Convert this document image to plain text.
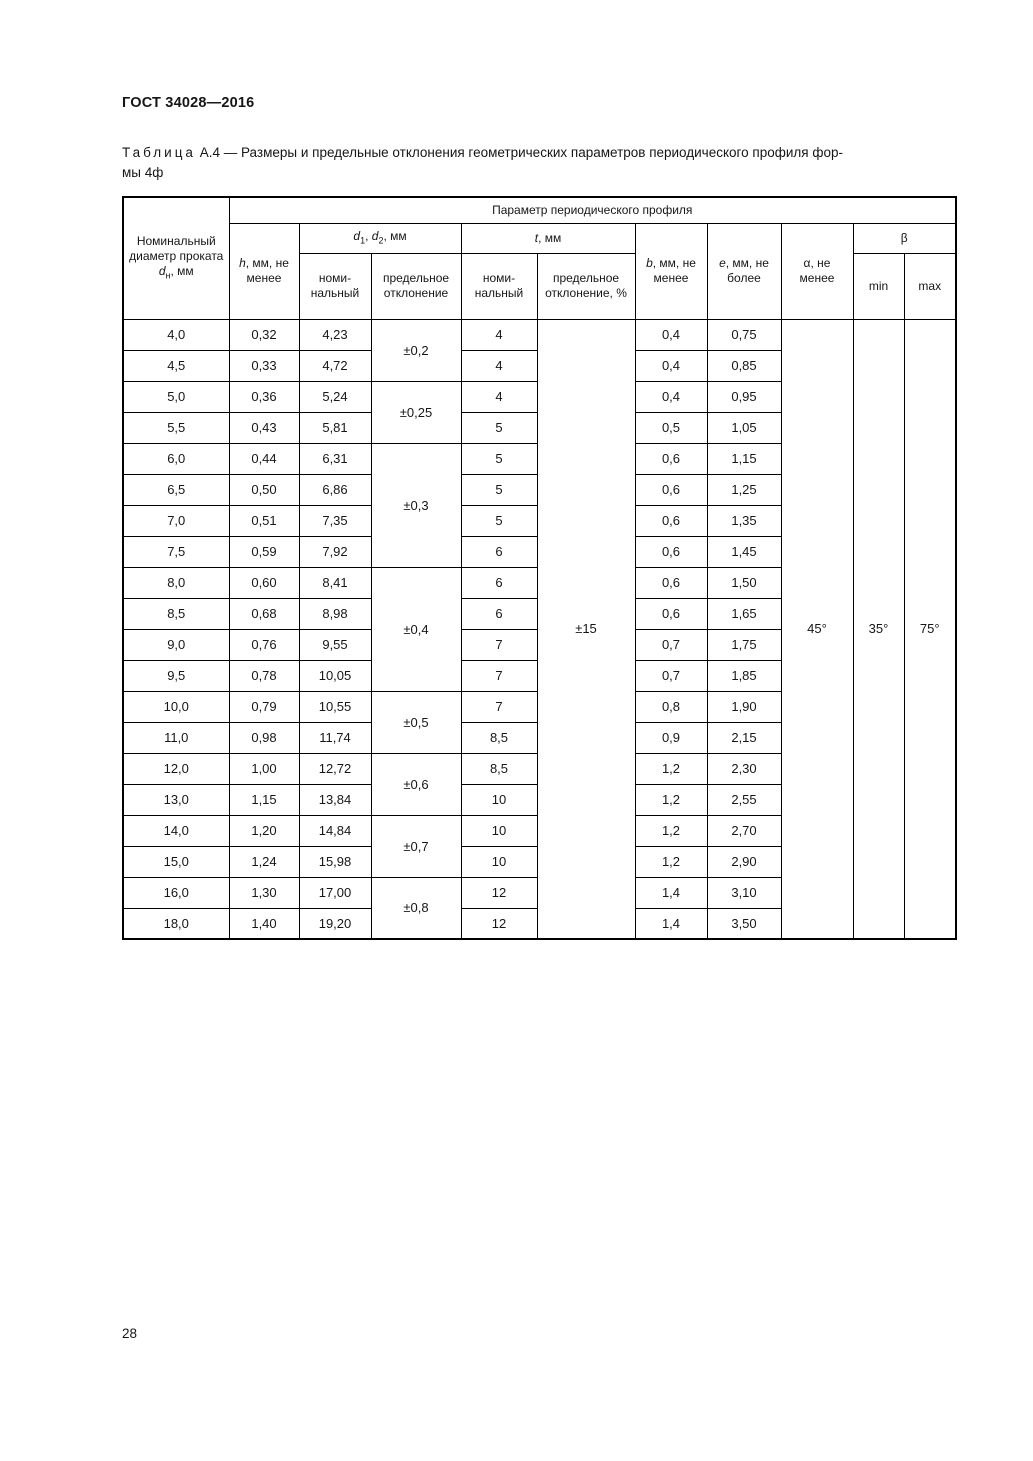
ГОСТ 34028—2016
Таблица А.4 — Размеры и предельные отклонения геометрических параметров периодического профиля фор-
мы 4ф
Номинальный диаметр проката $d_н$, мм	Параметр периодического профиля									
	h, мм, не менее	$d_1$, $d_2$, мм		t, мм		b, мм, не менее	e, мм, не более	α, не менее	β	
		номинальный	предельное отклонение	номинальный	предельное отклонение, %				min	max
4,0	0,32	4,23	±0,2	4	±15	0,4	0,75	45°	35°	75°
4,5	0,33	4,72		4		0,4	0,85			
5,0	0,36	5,24	±0,25	4		0,4	0,95			
5,5	0,43	5,81		5		0,5	1,05			
6,0	0,44	6,31	±0,3	5		0,6	1,15			
6,5	0,50	6,86		5		0,6	1,25			
7,0	0,51	7,35		5		0,6	1,35			
7,5	0,59	7,92		6		0,6	1,45			
8,0	0,60	8,41	±0,4	6		0,6	1,50			
8,5	0,68	8,98		6		0,6	1,65			
9,0	0,76	9,55		7		0,7	1,75			
9,5	0,78	10,05		7		0,7	1,85			
10,0	0,79	10,55	±0,5	7		0,8	1,90			
11,0	0,98	11,74		8,5		0,9	2,15			
12,0	1,00	12,72	±0,6	8,5		1,2	2,30			
13,0	1,15	13,84		10		1,2	2,55			
14,0	1,20	14,84	±0,7	10		1,2	2,70			
15,0	1,24	15,98		10		1,2	2,90			
16,0	1,30	17,00	±0,8	12		1,4	3,10			
18,0	1,40	19,20		12		1,4	3,50			
28
